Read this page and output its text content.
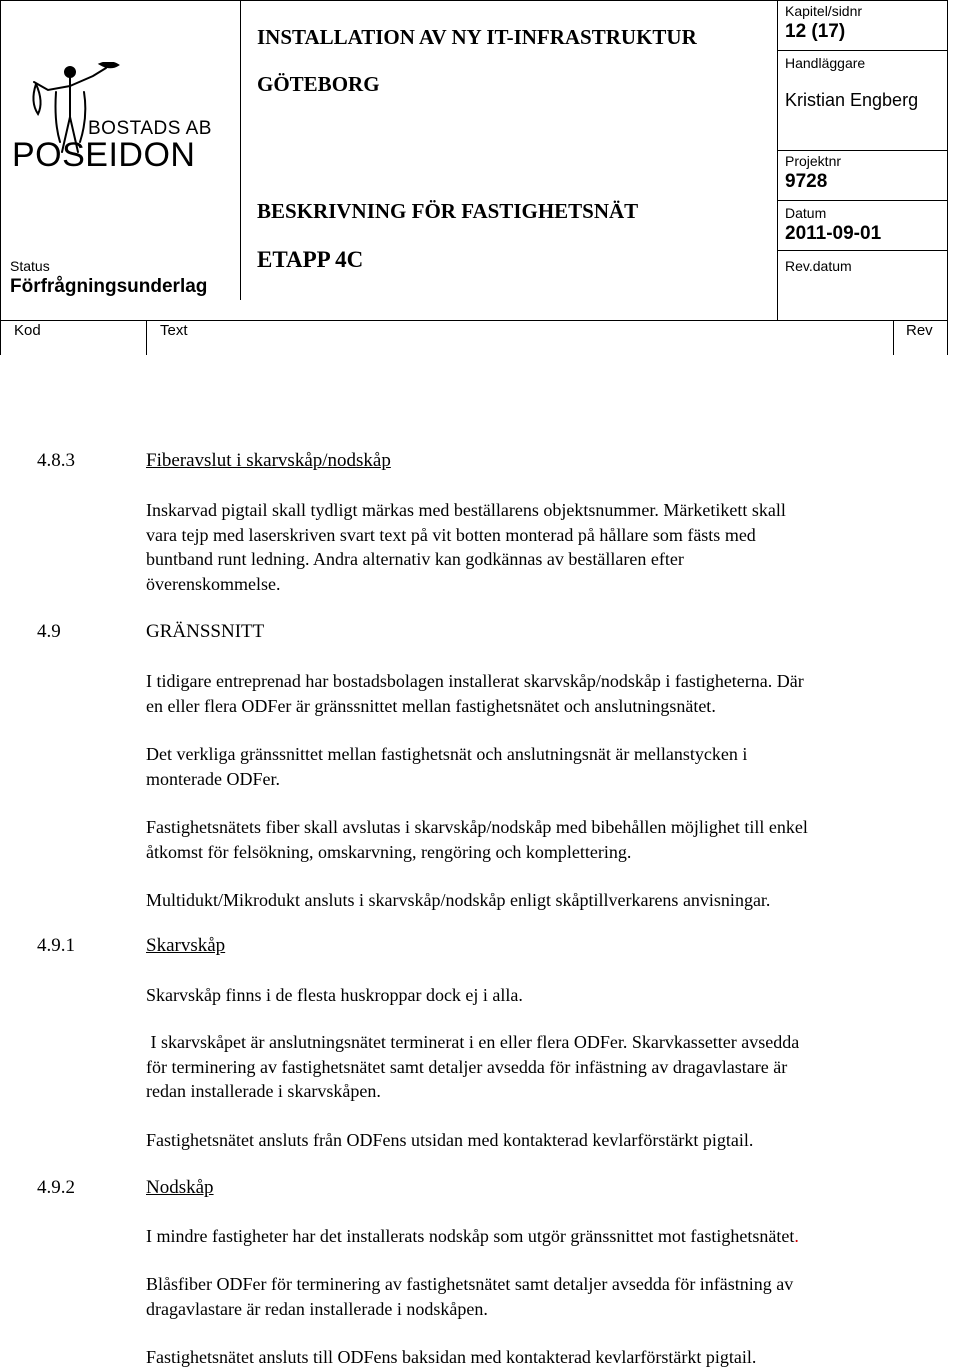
BOSTADS AB
POSEIDON
Status
Förfrågningsunderlag
INSTALLATION AV NY IT-INFRASTRUKTUR
GÖTEBORG
BESKRIVNING FÖR FASTIGHETSNÄT
ETAPP 4C
Kapitel/sidnr
12 (17)
Handläggare
Kristian Engberg
Projektnr
9728
Datum
2011-09-01
Rev.datum
Kod	Text	Rev
4.8.3	Fiberavslut i skarvskåp/nodskåp
Inskarvad pigtail skall tydligt märkas med beställarens objektsnummer. Märketikett skall
vara tejp med laserskriven svart text på vit botten monterad på hållare som fästs med
buntband runt ledning. Andra alternativ kan godkännas av beställaren efter
överenskommelse.
4.9	GRÄNSSNITT
I tidigare entreprenad har bostadsbolagen installerat skarvskåp/nodskåp i fastigheterna. Där
en eller flera ODFer är gränssnittet mellan fastighetsnätet och anslutningsnätet.
Det verkliga gränssnittet mellan fastighetsnät och anslutningsnät är mellanstycken i
monterade ODFer.
Fastighetsnätets fiber skall avslutas i skarvskåp/nodskåp med bibehållen möjlighet till enkel
åtkomst för felsökning, omskarvning, rengöring och komplettering.
Multidukt/Mikrodukt ansluts i skarvskåp/nodskåp enligt skåptillverkarens anvisningar.
4.9.1	Skarvskåp
Skarvskåp finns i de flesta huskroppar dock ej i alla.
I skarvskåpet är anslutningsnätet terminerat i en eller flera ODFer. Skarvkassetter avsedda
för terminering av fastighetsnätet samt detaljer avsedda för infästning av dragavlastare är
redan installerade i skarvskåpen.
Fastighetsnätet ansluts från ODFens utsidan med kontakterad kevlarförstärkt pigtail.
4.9.2	Nodskåp
I mindre fastigheter har det installerats nodskåp som utgör gränssnittet mot fastighetsnätet.
Blåsfiber ODFer för terminering av fastighetsnätet samt detaljer avsedda för infästning av
dragavlastare är redan installerade i nodskåpen.
Fastighetsnätet ansluts till ODFens baksidan med kontakterad kevlarförstärkt pigtail.
